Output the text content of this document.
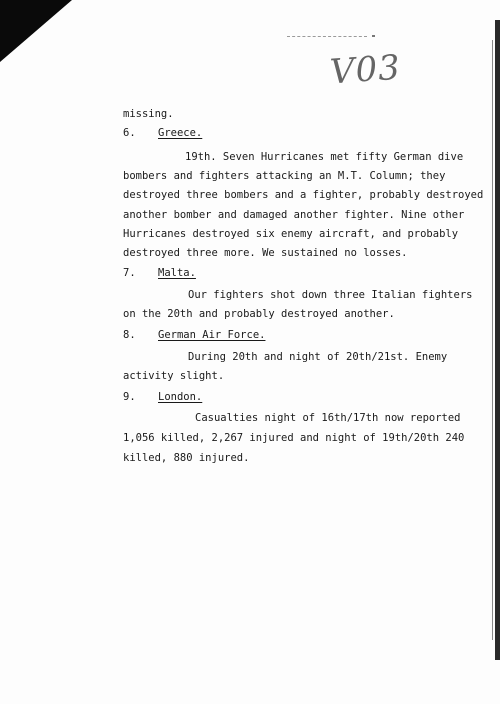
V03
missing.
6. Greece.
19th. Seven Hurricanes met fifty German dive
bombers and fighters attacking an M.T. Column; they
destroyed three bombers and a fighter, probably destroyed
another bomber and damaged another fighter. Nine other
Hurricanes destroyed six enemy aircraft, and probably
destroyed three more. We sustained no losses.
7. Malta.
Our fighters shot down three Italian fighters
on the 20th and probably destroyed another.
8. German Air Force.
During 20th and night of 20th/21st. Enemy
activity slight.
9. London.
Casualties night of 16th/17th now reported
1,056 killed, 2,267 injured and night of 19th/20th 240
killed, 880 injured.
